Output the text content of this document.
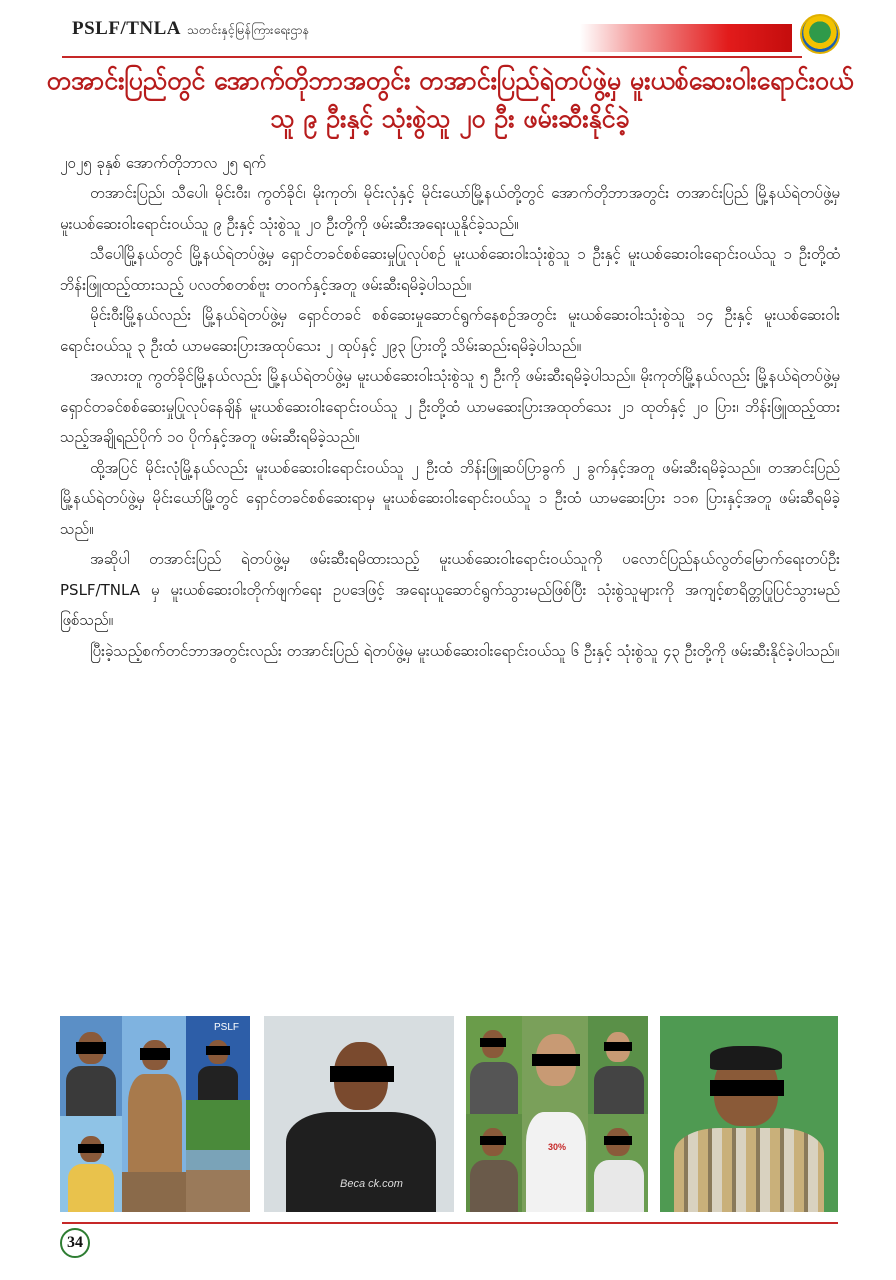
PSLF/TNLA သတင်းနှင့်မြန်ကြားရေးဌာန
တအာင်းပြည်တွင် အောက်တိုဘာအတွင်း တအာင်းပြည်ရဲတပ်ဖွဲ့မှ မူးယစ်ဆေးဝါးရောင်းဝယ်သူ ၉ ဦးနှင့် သုံးစွဲသူ ၂၀ ဦး ဖမ်းဆီးနိုင်ခဲ့

၂၀၂၅ ခုနှစ် အောက်တိုဘာလ ၂၅ ရက်

တအာင်းပြည်၊ သီပေါ၊ မိုင်းဝီး၊ ကွတ်ခိုင်၊ မိုးကုတ်၊ မိုင်းလုံနှင့် မိုင်းယော်မြို့နယ်တို့တွင် အောက်တိုဘာအတွင်း တအာင်းပြည် မြို့နယ်ရဲတပ်ဖွဲ့မှ မူးယစ်ဆေးဝါးရောင်းဝယ်သူ ၉ ဦးနှင့် သုံးစွဲသူ ၂၀ ဦးတို့ကို ဖမ်းဆီးအရေးယူနိုင်ခဲ့သည်။

သီပေါမြို့နယ်တွင် မြို့နယ်ရဲတပ်ဖွဲ့မှ ရှောင်တခင်စစ်ဆေးမှုပြုလုပ်စဉ် မူးယစ်ဆေးဝါးသုံးစွဲသူ ၁ ဦးနှင့် မူးယစ်ဆေးဝါးရောင်းဝယ်သူ ၁ ဦးတို့ထံ ဘိန်းဖြူထည့်ထားသည့် ပလတ်စတစ်ဗူး တဝက်နှင့်အတူ ဖမ်းဆီးရမိခဲ့ပါသည်။

မိုင်းဝီးမြို့နယ်လည်း မြို့နယ်ရဲတပ်ဖွဲ့မှ ရှောင်တခင် စစ်ဆေးမှုဆောင်ရွက်နေစဉ်အတွင်း မူးယစ်ဆေးဝါးသုံးစွဲသူ ၁၄ ဦးနှင့် မူးယစ်ဆေးဝါးရောင်းဝယ်သူ ၃ ဦးထံ ယာမဆေးပြားအထုပ်သေး ၂ ထုပ်နှင့် ၂၉၃ ပြားတို့ သိမ်းဆည်းရမိခဲ့ပါသည်။

အလားတူ ကွတ်ခိုင်မြို့နယ်လည်း မြို့နယ်ရဲတပ်ဖွဲ့မှ မူးယစ်ဆေးဝါးသုံးစွဲသူ ၅ ဦးကို ဖမ်းဆီးရမိခဲ့ပါသည်။ မိုးကုတ်မြို့နယ်လည်း မြို့နယ်ရဲတပ်ဖွဲ့မှ ရှောင်တခင်စစ်ဆေးမှုပြုလုပ်နေချိန် မူးယစ်ဆေးဝါးရောင်းဝယ်သူ ၂ ဦးတို့ထံ ယာမဆေးပြားအထုတ်သေး ၂၁ ထုတ်နှင့် ၂၀ ပြား၊ ဘိန်းဖြူထည့်ထားသည့်အချိုရည်ပိုက် ၁၀ ပိုက်နှင့်အတူ ဖမ်းဆီးရမိခဲ့သည်။

ထို့အပြင် မိုင်းလုံမြို့နယ်လည်း မူးယစ်ဆေးဝါးရောင်းဝယ်သူ ၂ ဦးထံ ဘိန်းဖြူဆပ်ပြာခွက် ၂ ခွက်နှင့်အတူ ဖမ်းဆီးရမိခဲ့သည်။ တအာင်းပြည် မြို့နယ်ရဲတပ်ဖွဲ့မှ မိုင်းယော်မြို့တွင် ရှောင်တခင်စစ်ဆေးရာမှ မူးယစ်ဆေးဝါးရောင်းဝယ်သူ ၁ ဦးထံ ယာမဆေးပြား ၁၁၈ ပြားနှင့်အတူ ဖမ်းဆီရမိခဲ့သည်။

အဆိုပါ တအာင်းပြည် ရဲတပ်ဖွဲ့မှ ဖမ်းဆီးရမိထားသည့် မူးယစ်ဆေးဝါးရောင်းဝယ်သူကို ပလောင်ပြည်နယ်လွတ်မြောက်ရေးတပ်ဦး PSLF/TNLA မှ မူးယစ်ဆေးဝါးတိုက်ဖျက်ရေး ဥပဒေဖြင့် အရေးယူဆောင်ရွက်သွားမည်ဖြစ်ပြီး သုံးစွဲသူများကို အကျင့်စာရိတ္တပြုပြင်သွားမည်ဖြစ်သည်။

ပြီးခဲ့သည့်စက်တင်ဘာအတွင်းလည်း တအာင်းပြည် ရဲတပ်ဖွဲ့မှ မူးယစ်ဆေးဝါးရောင်းဝယ်သူ ၆ ဦးနှင့် သုံးစွဲသူ ၄၃ ဦးတို့ကို ဖမ်းဆီးနိုင်ခဲ့ပါသည်။

PSLF
Beca ck.com
30%
34
